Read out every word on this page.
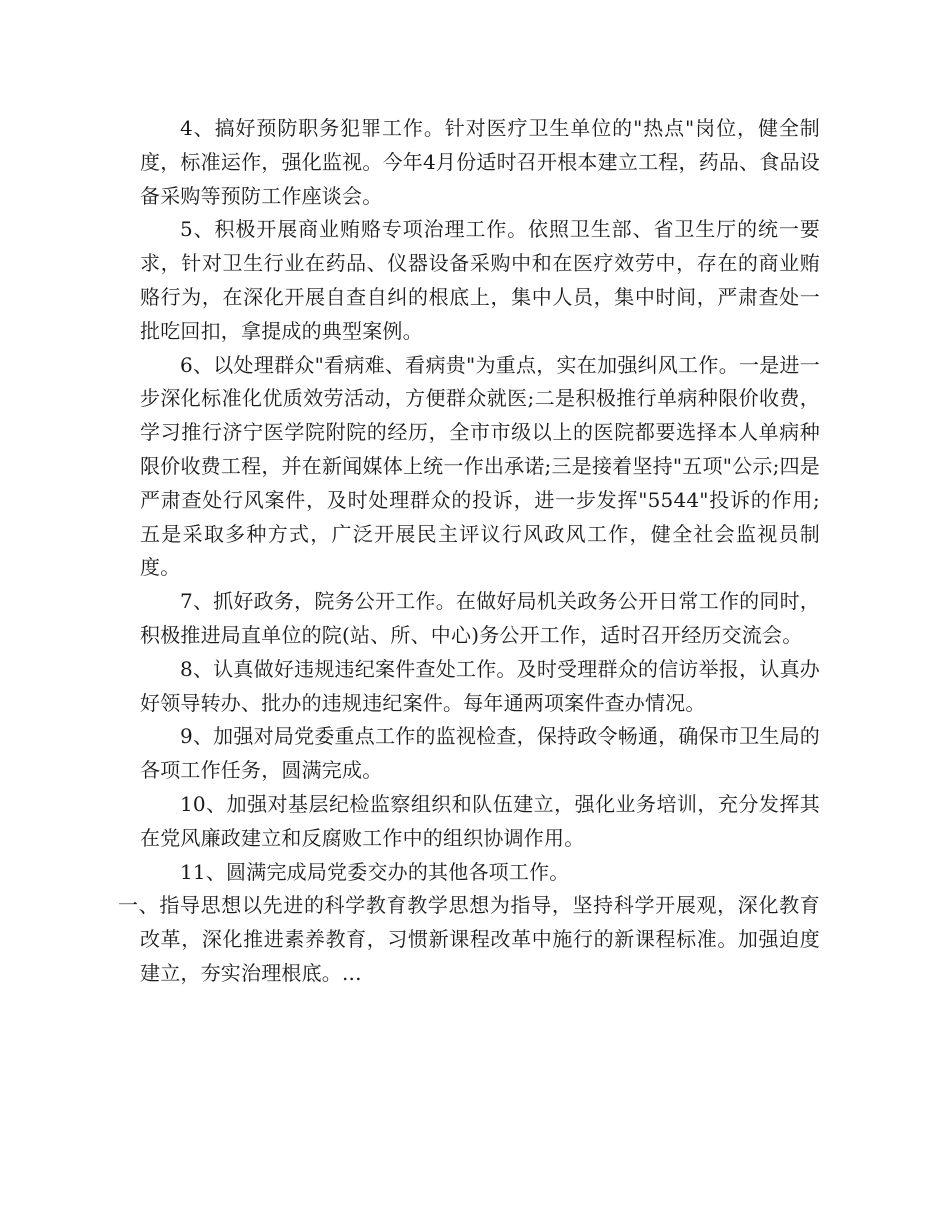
4、搞好预防职务犯罪工作。针对医疗卫生单位的"热点"岗位，健全制度，标准运作，强化监视。今年4月份适时召开根本建立工程，药品、食品设备采购等预防工作座谈会。

5、积极开展商业贿赂专项治理工作。依照卫生部、省卫生厅的统一要求，针对卫生行业在药品、仪器设备采购中和在医疗效劳中，存在的商业贿赂行为，在深化开展自查自纠的根底上，集中人员，集中时间，严肃查处一批吃回扣，拿提成的典型案例。

6、以处理群众"看病难、看病贵"为重点，实在加强纠风工作。一是进一步深化标准化优质效劳活动，方便群众就医;二是积极推行单病种限价收费，学习推行济宁医学院附院的经历，全市市级以上的医院都要选择本人单病种限价收费工程，并在新闻媒体上统一作出承诺;三是接着坚持"五项"公示;四是严肃查处行风案件，及时处理群众的投诉，进一步发挥"5544"投诉的作用;五是采取多种方式，广泛开展民主评议行风政风工作，健全社会监视员制度。

7、抓好政务，院务公开工作。在做好局机关政务公开日常工作的同时，积极推进局直单位的院(站、所、中心)务公开工作，适时召开经历交流会。

8、认真做好违规违纪案件查处工作。及时受理群众的信访举报，认真办好领导转办、批办的违规违纪案件。每年通两项案件查办情况。

9、加强对局党委重点工作的监视检查，保持政令畅通，确保市卫生局的各项工作任务，圆满完成。

10、加强对基层纪检监察组织和队伍建立，强化业务培训，充分发挥其在党风廉政建立和反腐败工作中的组织协调作用。

11、圆满完成局党委交办的其他各项工作。

一、指导思想以先进的科学教育教学思想为指导，坚持科学开展观，深化教育改革，深化推进素养教育，习惯新课程改革中施行的新课程标准。加强迫度建立，夯实治理根底。...
